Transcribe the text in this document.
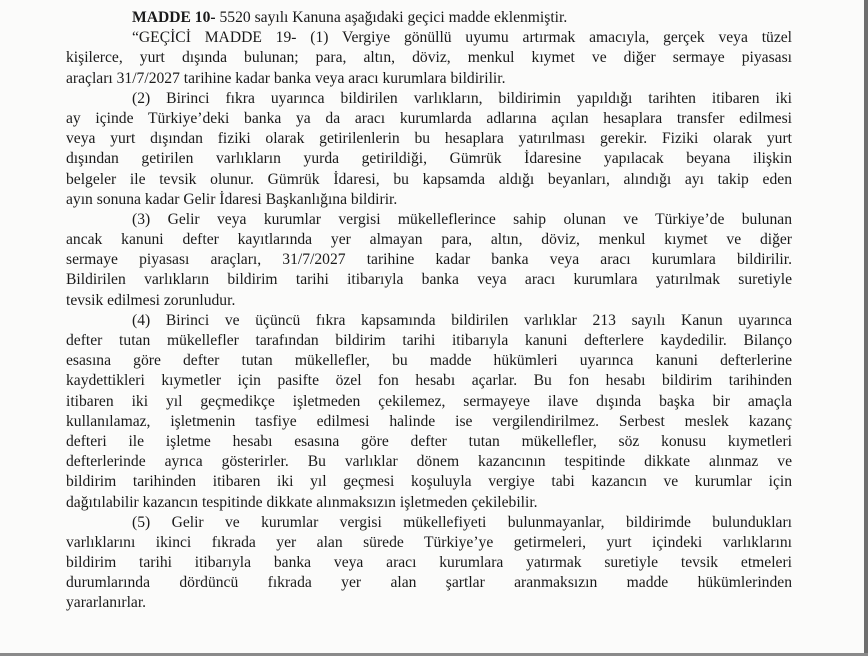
MADDE 10- 5520 sayılı Kanuna aşağıdaki geçici madde eklenmiştir.
“GEÇİCİ MADDE 19- (1) Vergiye gönüllü uyumu artırmak amacıyla, gerçek veya tüzel
kişilerce, yurt dışında bulunan; para, altın, döviz, menkul kıymet ve diğer sermaye piyasası
araçları 31/7/2027 tarihine kadar banka veya aracı kurumlara bildirilir.
(2) Birinci fıkra uyarınca bildirilen varlıkların, bildirimin yapıldığı tarihten itibaren iki
ay içinde Türkiye’deki banka ya da aracı kurumlarda adlarına açılan hesaplara transfer edilmesi
veya yurt dışından fiziki olarak getirilenlerin bu hesaplara yatırılması gerekir. Fiziki olarak yurt
dışından getirilen varlıkların yurda getirildiği, Gümrük İdaresine yapılacak beyana ilişkin
belgeler ile tevsik olunur. Gümrük İdaresi, bu kapsamda aldığı beyanları, alındığı ayı takip eden
ayın sonuna kadar Gelir İdaresi Başkanlığına bildirir.
(3) Gelir veya kurumlar vergisi mükelleflerince sahip olunan ve Türkiye’de bulunan
ancak kanuni defter kayıtlarında yer almayan para, altın, döviz, menkul kıymet ve diğer
sermaye piyasası araçları, 31/7/2027 tarihine kadar banka veya aracı kurumlara bildirilir.
Bildirilen varlıkların bildirim tarihi itibarıyla banka veya aracı kurumlara yatırılmak suretiyle
tevsik edilmesi zorunludur.
(4) Birinci ve üçüncü fıkra kapsamında bildirilen varlıklar 213 sayılı Kanun uyarınca
defter tutan mükellefler tarafından bildirim tarihi itibarıyla kanuni defterlere kaydedilir. Bilanço
esasına göre defter tutan mükellefler, bu madde hükümleri uyarınca kanuni defterlerine
kaydettikleri kıymetler için pasifte özel fon hesabı açarlar. Bu fon hesabı bildirim tarihinden
itibaren iki yıl geçmedikçe işletmeden çekilemez, sermayeye ilave dışında başka bir amaçla
kullanılamaz, işletmenin tasfiye edilmesi halinde ise vergilendirilmez. Serbest meslek kazanç
defteri ile işletme hesabı esasına göre defter tutan mükellefler, söz konusu kıymetleri
defterlerinde ayrıca gösterirler. Bu varlıklar dönem kazancının tespitinde dikkate alınmaz ve
bildirim tarihinden itibaren iki yıl geçmesi koşuluyla vergiye tabi kazancın ve kurumlar için
dağıtılabilir kazancın tespitinde dikkate alınmaksızın işletmeden çekilebilir.
(5) Gelir ve kurumlar vergisi mükellefiyeti bulunmayanlar, bildirimde bulundukları
varlıklarını ikinci fıkrada yer alan sürede Türkiye’ye getirmeleri, yurt içindeki varlıklarını
bildirim tarihi itibarıyla banka veya aracı kurumlara yatırmak suretiyle tevsik etmeleri
durumlarında dördüncü fıkrada yer alan şartlar aranmaksızın madde hükümlerinden
yararlanırlar.
